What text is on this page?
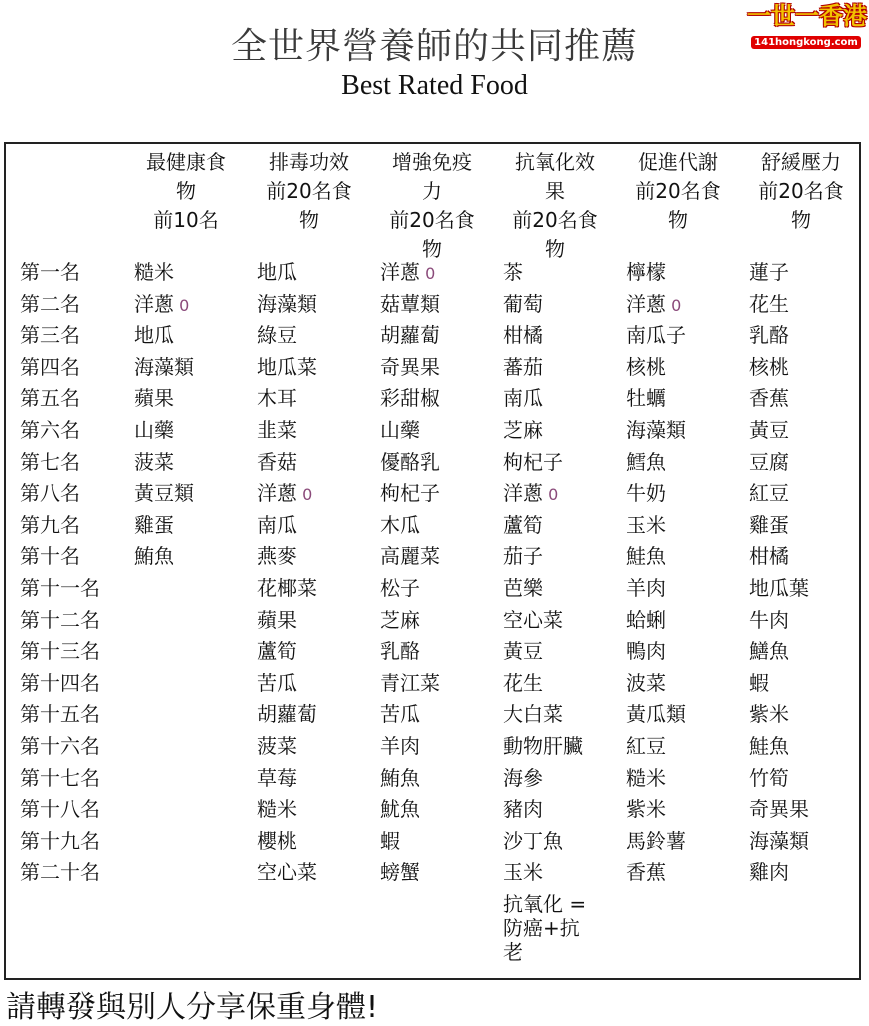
全世界營養師的共同推薦
Best Rated Food
一世一香港
141hongkong.com
最健康食
物
前10名
排毒功效
前20名食
物
增強免疫
力
前20名食
物
抗氧化效
果
前20名食
物
促進代謝
前20名食
物
舒緩壓力
前20名食
物
第一名
第二名
第三名
第四名
第五名
第六名
第七名
第八名
第九名
第十名
第十一名
第十二名
第十三名
第十四名
第十五名
第十六名
第十七名
第十八名
第十九名
第二十名
糙米
洋蔥 0
地瓜
海藻類
蘋果
山藥
菠菜
黃豆類
雞蛋
鮪魚
地瓜
海藻類
綠豆
地瓜菜
木耳
韭菜
香菇
洋蔥 0
南瓜
燕麥
花椰菜
蘋果
蘆筍
苦瓜
胡蘿蔔
菠菜
草莓
糙米
櫻桃
空心菜
洋蔥 0
菇蕈類
胡蘿蔔
奇異果
彩甜椒
山藥
優酪乳
枸杞子
木瓜
高麗菜
松子
芝麻
乳酪
青江菜
苦瓜
羊肉
鮪魚
魷魚
蝦
螃蟹
茶
葡萄
柑橘
蕃茄
南瓜
芝麻
枸杞子
洋蔥 0
蘆筍
茄子
芭樂
空心菜
黃豆
花生
大白菜
動物肝臟
海參
豬肉
沙丁魚
玉米
檸檬
洋蔥 0
南瓜子
核桃
牡蠣
海藻類
鱈魚
牛奶
玉米
鮭魚
羊肉
蛤蜊
鴨肉
波菜
黃瓜類
紅豆
糙米
紫米
馬鈴薯
香蕉
蓮子
花生
乳酪
核桃
香蕉
黃豆
豆腐
紅豆
雞蛋
柑橘
地瓜葉
牛肉
鱔魚
蝦
紫米
鮭魚
竹筍
奇異果
海藻類
雞肉
抗氧化 =
防癌+抗
老
請轉發與別人分享保重身體!
